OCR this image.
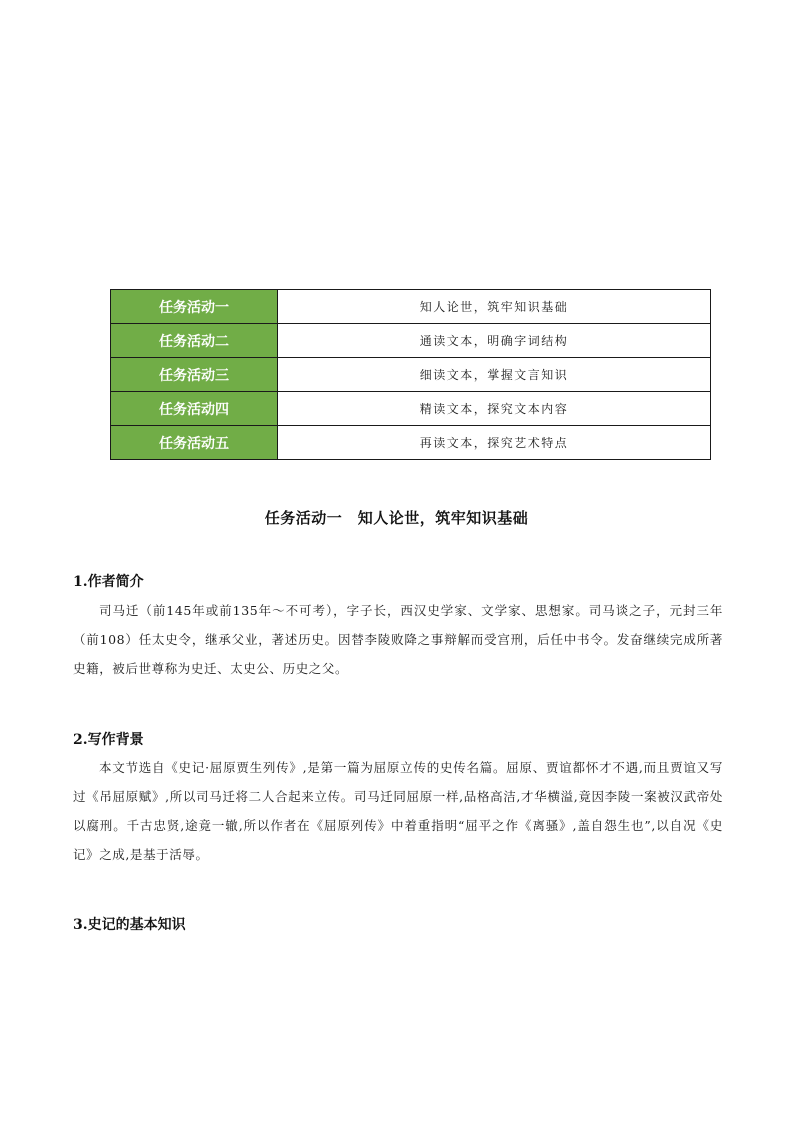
任务活动一	知人论世，筑牢知识基础
任务活动二	通读文本，明确字词结构
任务活动三	细读文本，掌握文言知识
任务活动四	精读文本，探究文本内容
任务活动五	再读文本，探究艺术特点
任务活动一　知人论世，筑牢知识基础
1.作者简介

司马迁（前145年或前135年～不可考），字子长，西汉史学家、文学家、思想家。司马谈之子，元封三年（前108）任太史令，继承父业，著述历史。因替李陵败降之事辩解而受宫刑，后任中书令。发奋继续完成所著史籍，被后世尊称为史迁、太史公、历史之父。

2.写作背景

本文节选自《史记·屈原贾生列传》,是第一篇为屈原立传的史传名篇。屈原、贾谊都怀才不遇,而且贾谊又写过《吊屈原赋》,所以司马迁将二人合起来立传。司马迁同屈原一样,品格高洁,才华横溢,竟因李陵一案被汉武帝处以腐刑。千古忠贤,途竟一辙,所以作者在《屈原列传》中着重指明“屈平之作《离骚》,盖自怨生也”,以自况《史记》之成,是基于活辱。

3.史记的基本知识
